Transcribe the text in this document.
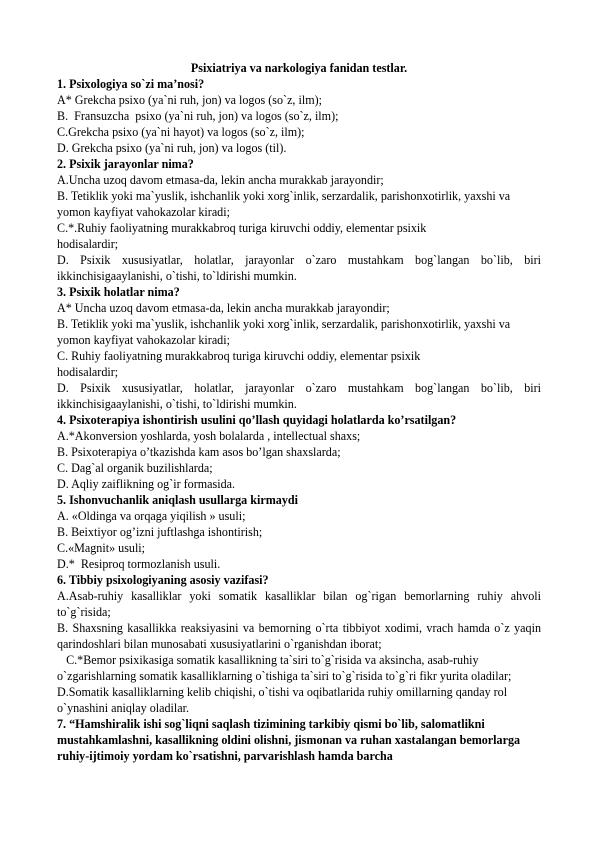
Psixiatriya va narkologiya fanidan testlar.

1. Psixologiya so`zi ma’nosi?

A* Grekcha psixo (ya`ni ruh, jon) va logos (so`z, ilm);

B.  Fransuzcha  psixo (ya`ni ruh, jon) va logos (so`z, ilm);

C.Grekcha psixo (ya`ni hayot) va logos (so`z, ilm);

D. Grekcha psixo (ya`ni ruh, jon) va logos (til).

2. Psixik jarayonlar nima?

A.Uncha uzoq davom etmasa-da, lekin ancha murakkab jarayondir;

B. Tetiklik yoki ma`yuslik, ishchanlik yoki xorg`inlik, serzardalik, parishonxotirlik, yaxshi va yomon kayfiyat vahokazolar kiradi;

C.*.Ruhiy faoliyatning murakkabroq turiga kiruvchi oddiy, elementar psixik hodisalardir;

D. Psixik xususiyatlar, holatlar, jarayonlar o`zaro mustahkam bog`langan bo`lib, biri ikkinchisigaaylanishi, o`tishi, to`ldirishi mumkin.

3. Psixik holatlar nima?

A* Uncha uzoq davom etmasa-da, lekin ancha murakkab jarayondir;

B. Tetiklik yoki ma`yuslik, ishchanlik yoki xorg`inlik, serzardalik, parishonxotirlik, yaxshi va yomon kayfiyat vahokazolar kiradi;

C. Ruhiy faoliyatning murakkabroq turiga kiruvchi oddiy, elementar psixik hodisalardir;

D. Psixik xususiyatlar, holatlar, jarayonlar o`zaro mustahkam bog`langan bo`lib, biri ikkinchisigaaylanishi, o`tishi, to`ldirishi mumkin.

4. Psixoterapiya ishontirish usulini qo’llash quyidagi holatlarda ko’rsatilgan?

A.*Akonversion yoshlarda, yosh bolalarda , intellectual shaxs;

B. Psixoterapiya o’tkazishda kam asos bo’lgan shaxslarda;

C. Dag`al organik buzilishlarda;

D. Aqliy zaiflikning og`ir formasida.

5. Ishonvuchanlik aniqlash usullarga kirmaydi

A. «Oldinga va orqaga yiqilish » usuli;

B. Beixtiyor og’izni juftlashga ishontirish;

C.«Magnit» usuli;

D.*  Resiproq tormozlanish usuli.

6. Tibbiy psixologiyaning asosiy vazifasi?

A.Asab-ruhiy kasalliklar yoki somatik kasalliklar bilan og`rigan bemorlarning ruhiy ahvoli to`g`risida;

B. Shaxsning kasallikka reaksiyasini va bemorning o`rta tibbiyot xodimi, vrach hamda o`z yaqin qarindoshlari bilan munosabati xususiyatlarini o`rganishdan iborat;

C.*Bemor psixikasiga somatik kasallikning ta`siri to`g`risida va aksincha, asab-ruhiy o`zgarishlarning somatik kasalliklarning o`tishiga ta`siri to`g`risida to`g`ri fikr yurita oladilar;

D.Somatik kasalliklarning kelib chiqishi, o`tishi va oqibatlarida ruhiy omillarning qanday rol o`ynashini aniqlay oladilar.

7. “Hamshiralik ishi sog`liqni saqlash tizimining tarkibiy qismi bo`lib, salomatlikni mustahkamlashni, kasallikning oldini olishni, jismonan va ruhan xastalangan bemorlarga ruhiy-ijtimoiy yordam ko`rsatishni, parvarishlash hamda barcha
